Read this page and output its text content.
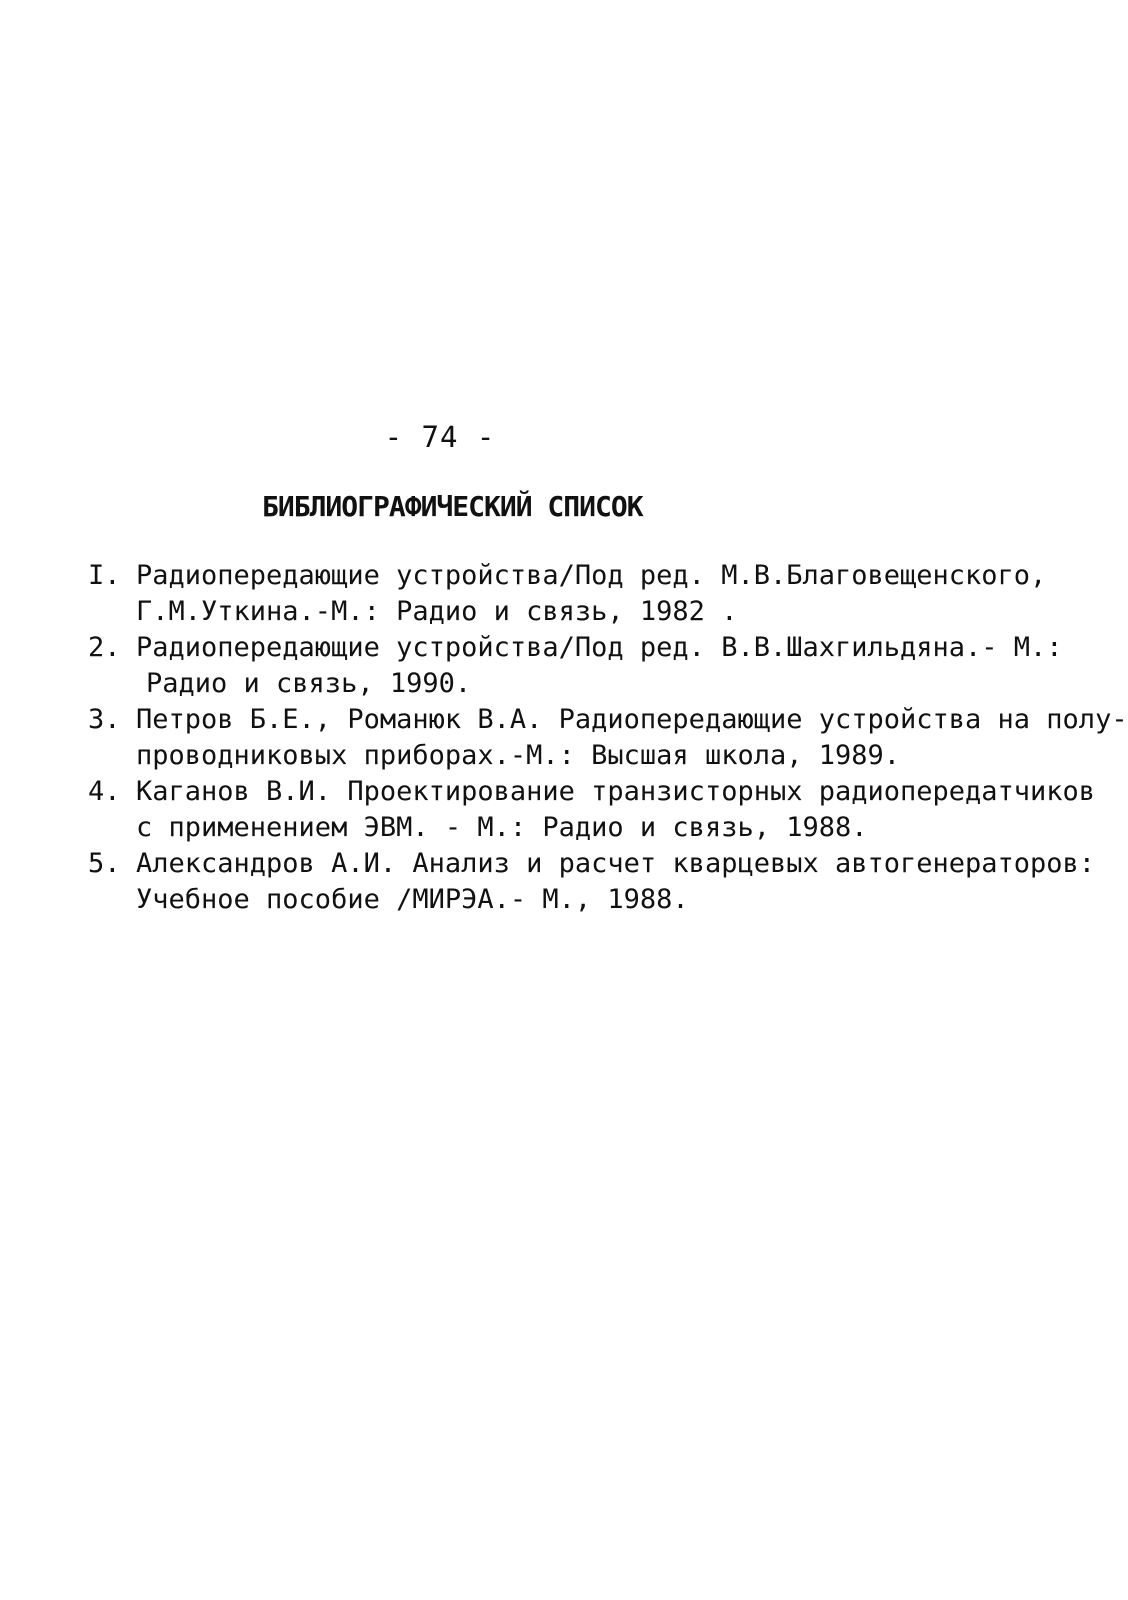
- 74 -
БИБЛИОГРАФИЧЕСКИЙ СПИСОК
I. Радиопередающие устройства/Под ред. М.В.Благовещенского,
Г.М.Уткина.-М.: Радио и связь, 1982 .
2. Радиопередающие устройства/Под ред. В.В.Шахгильдяна.- М.:
Радио и связь, 1990.
3. Петров Б.Е., Романюк В.А. Радиопередающие устройства на полу-
проводниковых приборах.-М.: Высшая школа, 1989.
4. Каганов В.И. Проектирование транзисторных радиопередатчиков
с применением ЭВМ. - М.: Радио и связь, 1988.
5. Александров А.И. Анализ и расчет кварцевых автогенераторов:
Учебное пособие /МИРЭА.- М., 1988.
